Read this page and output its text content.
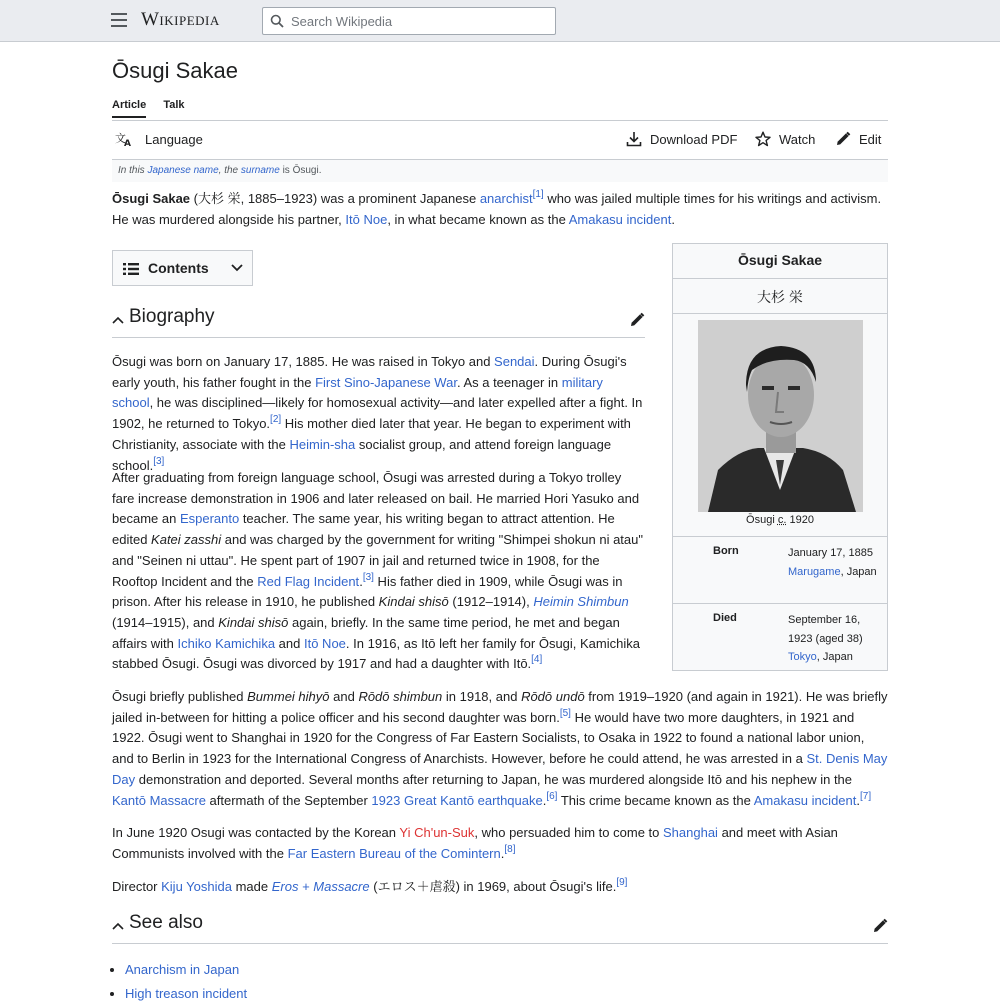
Wikipedia
Search Wikipedia
Ōsugi Sakae
Article Talk
文
A Language	Download PDF	Watch	Edit
In this Japanese name, the surname is Ōsugi.

Ōsugi Sakae (大杉 栄, 1885–1923) was a prominent Japanese anarchist[1] who was jailed multiple times for his writings and activism. He was murdered alongside his partner, Itō Noe, in what became known as the Amakasu incident.

Contents
Biography
Ōsugi Sakae
大杉 栄
Ōsugi c. 1920
Born	January 17, 1885
Marugame, Japan
Died	September 16, 1923 (aged 38)
Tokyo, Japan

Ōsugi was born on January 17, 1885. He was raised in Tokyo and Sendai. During Ōsugi's early youth, his father fought in the First Sino-Japanese War. As a teenager in military school, he was disciplined—likely for homosexual activity—and later expelled after a fight. In 1902, he returned to Tokyo.[2] His mother died later that year. He began to experiment with Christianity, associate with the Heimin-sha socialist group, and attend foreign language school.[3]

After graduating from foreign language school, Ōsugi was arrested during a Tokyo trolley fare increase demonstration in 1906 and later released on bail. He married Hori Yasuko and became an Esperanto teacher. The same year, his writing began to attract attention. He edited Katei zasshi and was charged by the government for writing "Shimpei shokun ni atau" and "Seinen ni uttau". He spent part of 1907 in jail and returned twice in 1908, for the Rooftop Incident and the Red Flag Incident.[3] His father died in 1909, while Ōsugi was in prison. After his release in 1910, he published Kindai shisō (1912–1914), Heimin Shimbun (1914–1915), and Kindai shisō again, briefly. In the same time period, he met and began affairs with Ichiko Kamichika and Itō Noe. In 1916, as Itō left her family for Ōsugi, Kamichika stabbed Ōsugi. Ōsugi was divorced by 1917 and had a daughter with Itō.[4]

Ōsugi briefly published Bummei hihyō and Rōdō shimbun in 1918, and Rōdō undō from 1919–1920 (and again in 1921). He was briefly jailed in-between for hitting a police officer and his second daughter was born.[5] He would have two more daughters, in 1921 and 1922. Ōsugi went to Shanghai in 1920 for the Congress of Far Eastern Socialists, to Osaka in 1922 to found a national labor union, and to Berlin in 1923 for the International Congress of Anarchists. However, before he could attend, he was arrested in a St. Denis May Day demonstration and deported. Several months after returning to Japan, he was murdered alongside Itō and his nephew in the Kantō Massacre aftermath of the September 1923 Great Kantō earthquake.[6] This crime became known as the Amakasu incident.[7]

In June 1920 Osugi was contacted by the Korean Yi Ch'un-Suk, who persuaded him to come to Shanghai and meet with Asian Communists involved with the Far Eastern Bureau of the Comintern.[8]

Director Kiju Yoshida made Eros + Massacre (エロス＋虐殺) in 1969, about Ōsugi's life.[9]

See also
• Anarchism in Japan
• High treason incident
